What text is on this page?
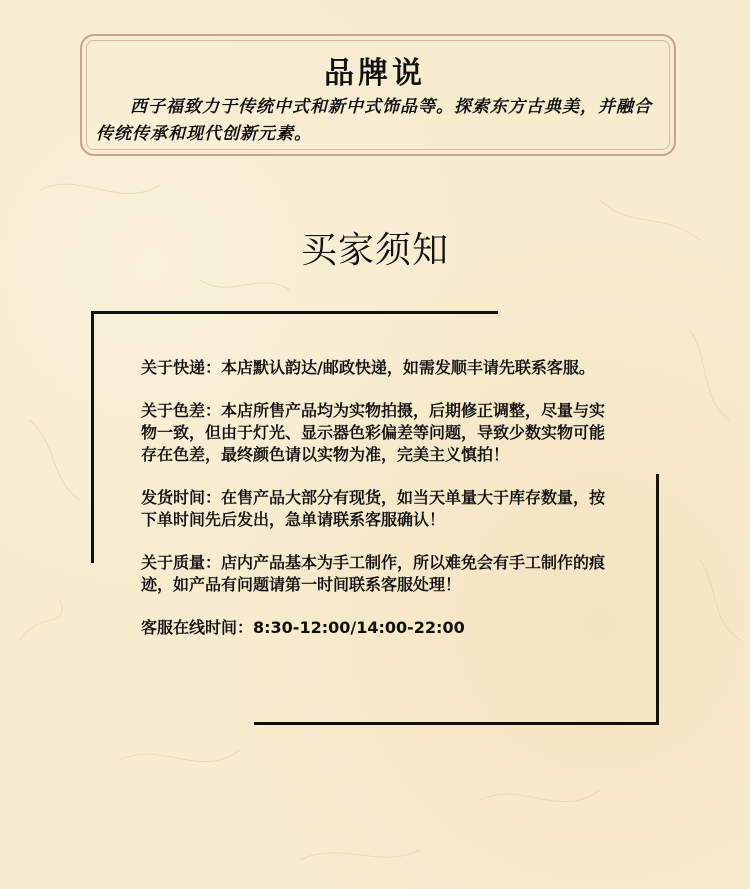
品牌说
西子福致力于传统中式和新中式饰品等。探索东方古典美，并融合传统传承和现代创新元素。
买家须知

关于快递：本店默认韵达/邮政快递，如需发顺丰请先联系客服。

关于色差：本店所售产品均为实物拍摄，后期修正调整，尽量与实物一致，但由于灯光、显示器色彩偏差等问题，导致少数实物可能存在色差，最终颜色请以实物为准，完美主义慎拍！

发货时间：在售产品大部分有现货，如当天单量大于库存数量，按下单时间先后发出，急单请联系客服确认！

关于质量：店内产品基本为手工制作，所以难免会有手工制作的痕迹，如产品有问题请第一时间联系客服处理！

客服在线时间：8:30-12:00/14:00-22:00
